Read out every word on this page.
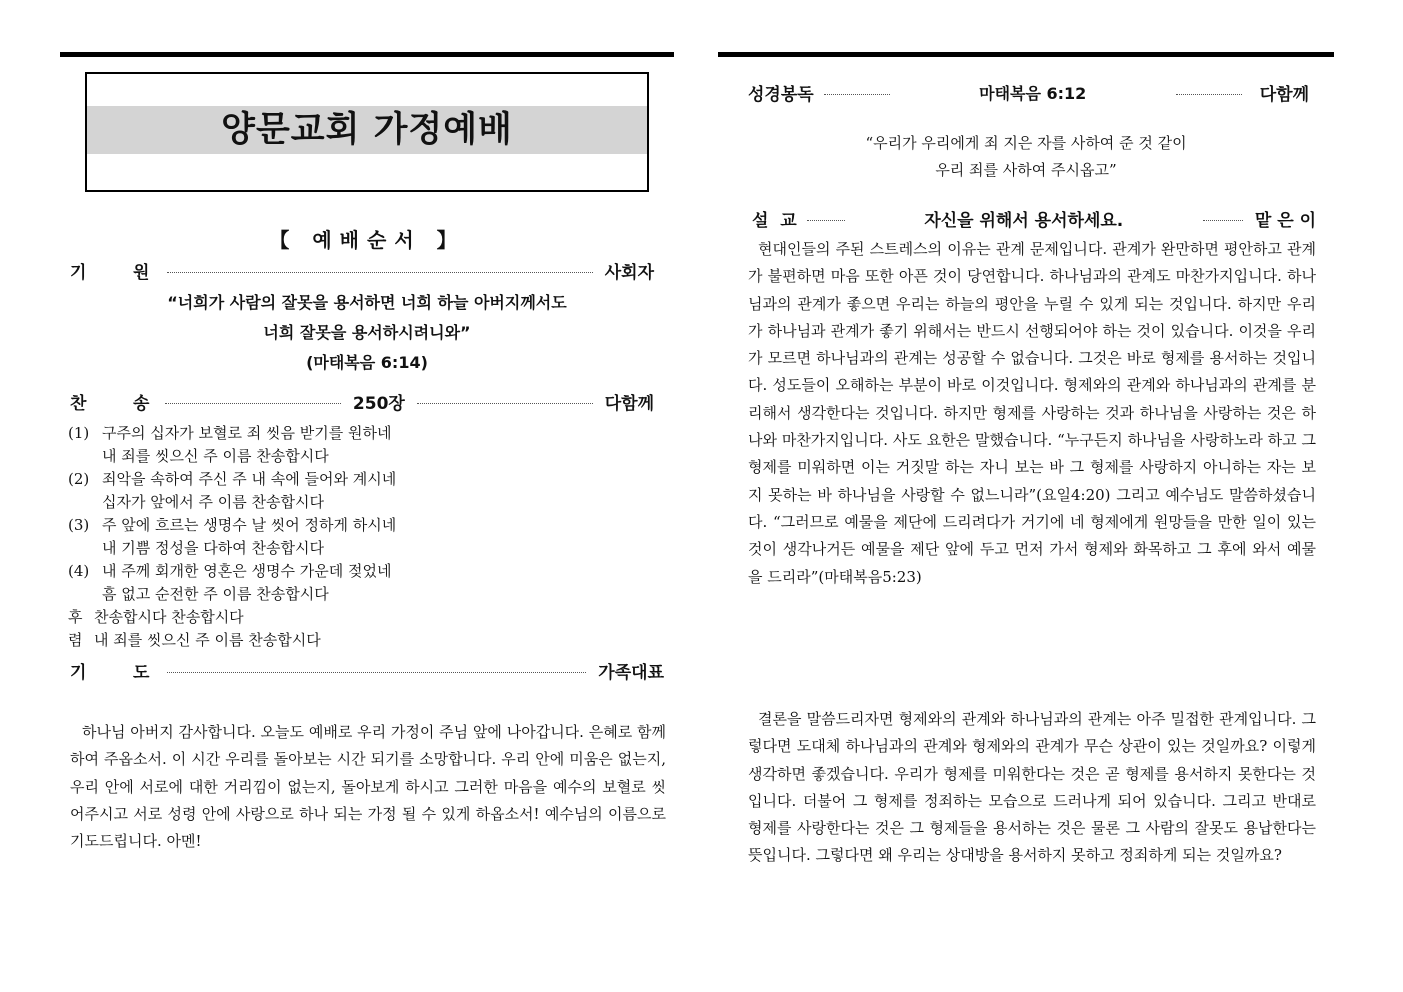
양문교회 가정예배
【 예배순서 】
기	원	사회자
“너희가 사람의 잘못을 용서하면 너희 하늘 아버지께서도
너희 잘못을 용서하시려니와”
(마태복음 6:14)
찬	송	250장	다함께
(1) 구주의 십자가 보혈로 죄 씻음 받기를 원하네
내 죄를 씻으신 주 이름 찬송합시다
(2) 죄악을 속하여 주신 주 내 속에 들어와 계시네
십자가 앞에서 주 이름 찬송합시다
(3) 주 앞에 흐르는 생명수 날 씻어 정하게 하시네
내 기쁨 정성을 다하여 찬송합시다
(4) 내 주께 회개한 영혼은 생명수 가운데 젖었네
흠 없고 순전한 주 이름 찬송합시다
후 찬송합시다 찬송합시다
렴 내 죄를 씻으신 주 이름 찬송합시다
기	도	가족대표
하나님 아버지 감사합니다. 오늘도 예배로 우리 가정이 주님 앞에 나아갑니다. 은혜로 함께하여 주옵소서. 이 시간 우리를 돌아보는 시간 되기를 소망합니다. 우리 안에 미움은 없는지, 우리 안에 서로에 대한 거리낌이 없는지, 돌아보게 하시고 그러한 마음을 예수의 보혈로 씻어주시고 서로 성령 안에 사랑으로 하나 되는 가정 될 수 있게 하옵소서! 예수님의 이름으로 기도드립니다. 아멘!
성경봉독	마태복음 6:12	다함께
“우리가 우리에게 죄 지은 자를 사하여 준 것 같이
우리 죄를 사하여 주시옵고”
설  교	자신을 위해서 용서하세요.	맡 은 이
현대인들의 주된 스트레스의 이유는 관계 문제입니다. 관계가 완만하면 평안하고 관계가 불편하면 마음 또한 아픈 것이 당연합니다. 하나님과의 관계도 마찬가지입니다. 하나님과의 관계가 좋으면 우리는 하늘의 평안을 누릴 수 있게 되는 것입니다. 하지만 우리가 하나님과 관계가 좋기 위해서는 반드시 선행되어야 하는 것이 있습니다. 이것을 우리가 모르면 하나님과의 관계는 성공할 수 없습니다. 그것은 바로 형제를 용서하는 것입니다. 성도들이 오해하는 부분이 바로 이것입니다. 형제와의 관계와 하나님과의 관계를 분리해서 생각한다는 것입니다. 하지만 형제를 사랑하는 것과 하나님을 사랑하는 것은 하나와 마찬가지입니다. 사도 요한은 말했습니다. “누구든지 하나님을 사랑하노라 하고 그 형제를 미워하면 이는 거짓말 하는 자니 보는 바 그 형제를 사랑하지 아니하는 자는 보지 못하는 바 하나님을 사랑할 수 없느니라”(요일4:20) 그리고 예수님도 말씀하셨습니다. “그러므로 예물을 제단에 드리려다가 거기에 네 형제에게 원망들을 만한 일이 있는 것이 생각나거든 예물을 제단 앞에 두고 먼저 가서 형제와 화목하고 그 후에 와서 예물을 드리라”(마태복음5:23)
결론을 말씀드리자면 형제와의 관계와 하나님과의 관계는 아주 밀접한 관계입니다. 그렇다면 도대체 하나님과의 관계와 형제와의 관계가 무슨 상관이 있는 것일까요? 이렇게 생각하면 좋겠습니다. 우리가 형제를 미워한다는 것은 곧 형제를 용서하지 못한다는 것입니다. 더불어 그 형제를 정죄하는 모습으로 드러나게 되어 있습니다. 그리고 반대로 형제를 사랑한다는 것은 그 형제들을 용서하는 것은 물론 그 사람의 잘못도 용납한다는 뜻입니다. 그렇다면 왜 우리는 상대방을 용서하지 못하고 정죄하게 되는 것일까요?
